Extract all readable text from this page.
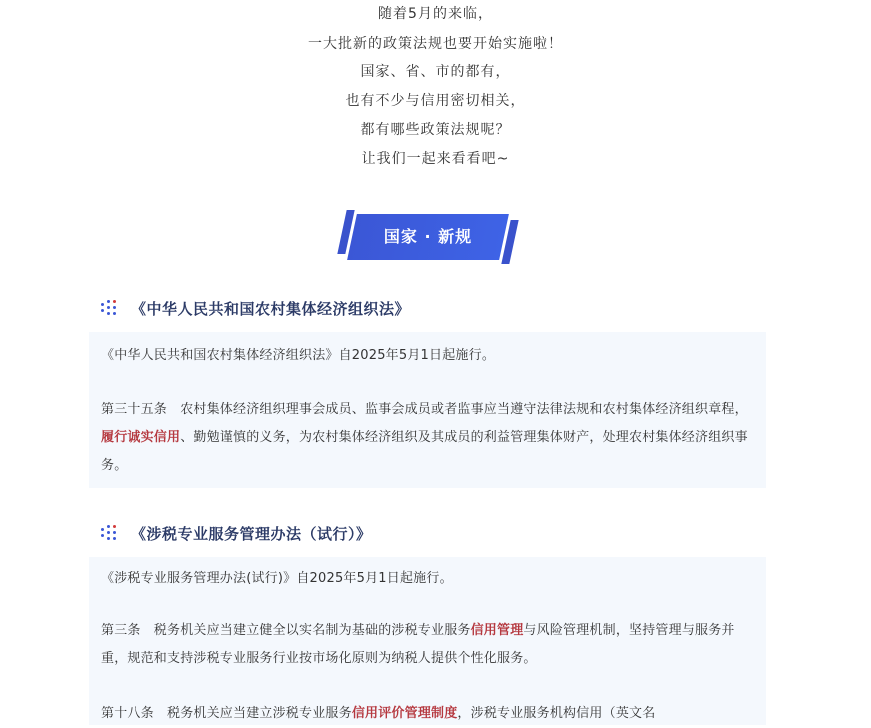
随着5月的来临，
一大批新的政策法规也要开始实施啦！
国家、省、市的都有，
也有不少与信用密切相关，
都有哪些政策法规呢？
让我们一起来看看吧~
国家 · 新规
《中华人民共和国农村集体经济组织法》
《中华人民共和国农村集体经济组织法》自2025年5月1日起施行。
第三十五条　农村集体经济组织理事会成员、监事会成员或者监事应当遵守法律法规和农村集体经济组织章程，履行诚实信用、勤勉谨慎的义务，为农村集体经济组织及其成员的利益管理集体财产，处理农村集体经济组织事务。
《涉税专业服务管理办法（试行）》
《涉税专业服务管理办法(试行)》自2025年5月1日起施行。
第三条　税务机关应当建立健全以实名制为基础的涉税专业服务信用管理与风险管理机制，坚持管理与服务并重，规范和支持涉税专业服务行业按市场化原则为纳税人提供个性化服务。
第十八条　税务机关应当建立涉税专业服务信用评价管理制度，涉税专业服务机构信用（英文名
